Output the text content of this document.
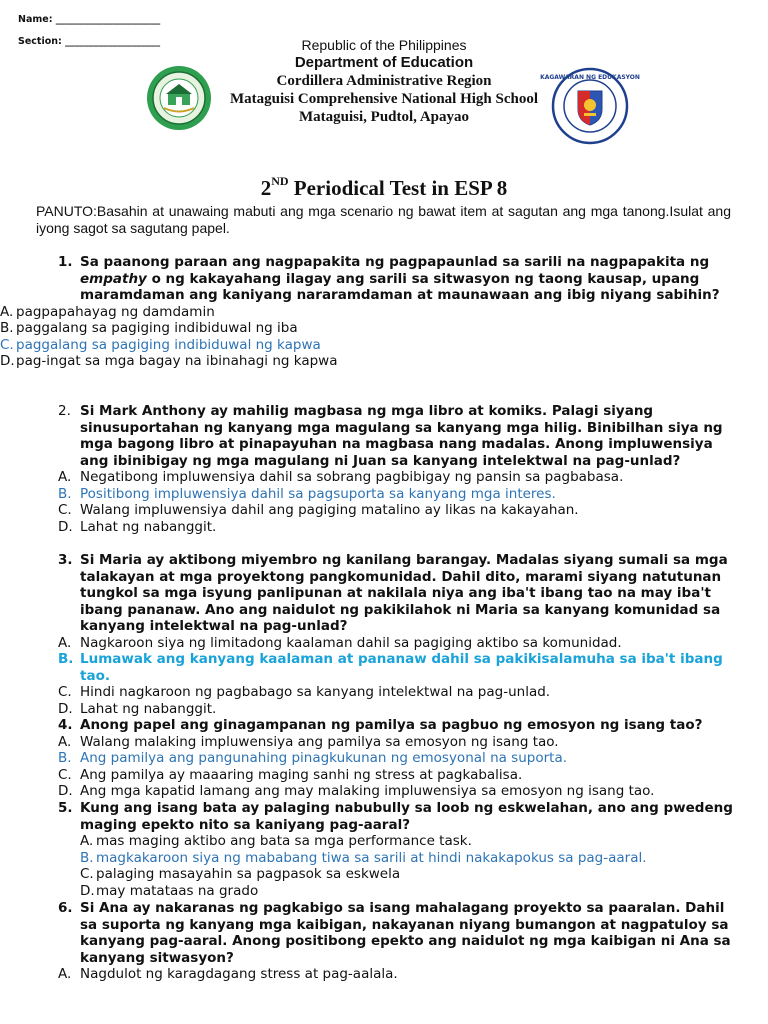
Name: ______________________
Section: ____________________
KAGAWARAN NG EDUKASYON
Republic of the Philippines
Department of Education
Cordillera Administrative Region
Mataguisi Comprehensive National High School
Mataguisi, Pudtol, Apayao
2ND Periodical Test in ESP 8
PANUTO:Basahin at unawaing mabuti ang mga scenario ng bawat item at sagutan ang mga tanong.Isulat ang iyong sagot sa sagutang papel.
1. Sa paanong paraan ang nagpapakita ng pagpapaunlad sa sarili na nagpapakita ng empathy o ng kakayahang ilagay ang sarili sa sitwasyon ng taong kausap, upang maramdaman ang kaniyang nararamdaman at maunawaan ang ibig niyang sabihin?
A. pagpapahayag ng damdamin
B. paggalang sa pagiging indibiduwal ng iba
C. paggalang sa pagiging indibiduwal ng kapwa
D. pag-ingat sa mga bagay na ibinahagi ng kapwa
2. Si Mark Anthony ay mahilig magbasa ng mga libro at komiks. Palagi siyang sinusuportahan ng kanyang mga magulang sa kanyang mga hilig. Binibilhan siya ng mga bagong libro at pinapayuhan na magbasa nang madalas. Anong impluwensiya ang ibinibigay ng mga magulang ni Juan sa kanyang intelektwal na pag-unlad?
A. Negatibong impluwensiya dahil sa sobrang pagbibigay ng pansin sa pagbabasa.
B. Positibong impluwensiya dahil sa pagsuporta sa kanyang mga interes.
C. Walang impluwensiya dahil ang pagiging matalino ay likas na kakayahan.
D. Lahat ng nabanggit.
3. Si Maria ay aktibong miyembro ng kanilang barangay. Madalas siyang sumali sa mga talakayan at mga proyektong pangkomunidad. Dahil dito, marami siyang natutunan tungkol sa mga isyung panlipunan at nakilala niya ang iba't ibang tao na may iba't ibang pananaw. Ano ang naidulot ng pakikilahok ni Maria sa kanyang komunidad sa kanyang intelektwal na pag-unlad?
A. Nagkaroon siya ng limitadong kaalaman dahil sa pagiging aktibo sa komunidad.
B. Lumawak ang kanyang kaalaman at pananaw dahil sa pakikisalamuha sa iba't ibang tao.
C. Hindi nagkaroon ng pagbabago sa kanyang intelektwal na pag-unlad.
D. Lahat ng nabanggit.
4. Anong papel ang ginagampanan ng pamilya sa pagbuo ng emosyon ng isang tao?
A. Walang malaking impluwensiya ang pamilya sa emosyon ng isang tao.
B. Ang pamilya ang pangunahing pinagkukunan ng emosyonal na suporta.
C. Ang pamilya ay maaaring maging sanhi ng stress at pagkabalisa.
D. Ang mga kapatid lamang ang may malaking impluwensiya sa emosyon ng isang tao.
5. Kung ang isang bata ay palaging nabubully sa loob ng eskwelahan, ano ang pwedeng maging epekto nito sa kaniyang pag-aaral?
A. mas maging aktibo ang bata sa mga performance task.
B. magkakaroon siya ng mababang tiwa sa sarili at hindi nakakapokus sa pag-aaral.
C. palaging masayahin sa pagpasok sa eskwela
D. may matataas na grado
6. Si Ana ay nakaranas ng pagkabigo sa isang mahalagang proyekto sa paaralan. Dahil sa suporta ng kanyang mga kaibigan, nakayanan niyang bumangon at nagpatuloy sa kanyang pag-aaral. Anong positibong epekto ang naidulot ng mga kaibigan ni Ana sa kanyang sitwasyon?
A. Nagdulot ng karagdagang stress at pag-aalala.
